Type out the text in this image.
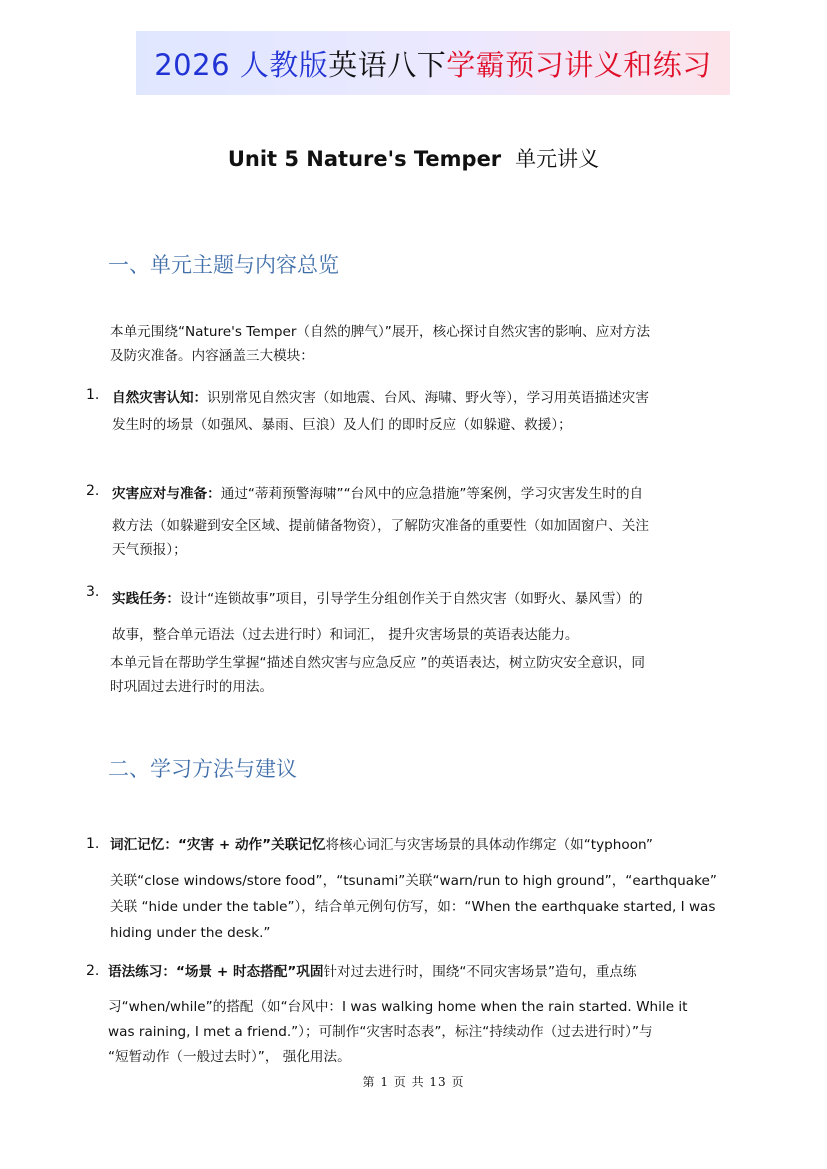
2026 人教版 英语八下 学霸预习讲义和练习
Unit 5 Nature's Temper 单元讲义
一、单元主题与内容总览
本单元围绕“Nature's Temper（自然的脾气）”展开，核心探讨自然灾害的影响、应对方法
及防灾准备。内容涵盖三大模块：
1. 自然灾害认知：识别常见自然灾害（如地震、台风、海啸、野火等），学习用英语描述灾害
发生时的场景（如强风、暴雨、巨浪）及人们 的即时反应（如躲避、救援）；
2. 灾害应对与准备：通过“蒂莉预警海啸”“台风中的应急措施”等案例，学习灾害发生时的自
救方法（如躲避到安全区域、提前储备物资），了解防灾准备的重要性（如加固窗户、关注
天气预报）；
3. 实践任务：设计“连锁故事”项目，引导学生分组创作关于自然灾害（如野火、暴风雪）的
故事，整合单元语法（过去进行时）和词汇， 提升灾害场景的英语表达能力。
本单元旨在帮助学生掌握“描述自然灾害与应急反应 ”的英语表达，树立防灾安全意识，同
时巩固过去进行时的用法。
二、学习方法与建议
1. 词汇记忆：“灾害 + 动作”关联记忆将核心词汇与灾害场景的具体动作绑定（如“typhoon”
关联“close windows/store food”，“tsunami”关联“warn/run to high ground”，“earthquake”
关联 “hide under the table”），结合单元例句仿写，如：“When the earthquake started, I was
hiding under the desk.”
2. 语法练习：“场景 + 时态搭配”巩固针对过去进行时，围绕“不同灾害场景”造句，重点练
习“when/while”的搭配（如“台风中：I was walking home when the rain started. While it
was raining, I met a friend.”）；可制作“灾害时态表”，标注“持续动作（过去进行时）”与
“短暂动作（一般过去时）”， 强化用法。
第 1 页 共 13 页
